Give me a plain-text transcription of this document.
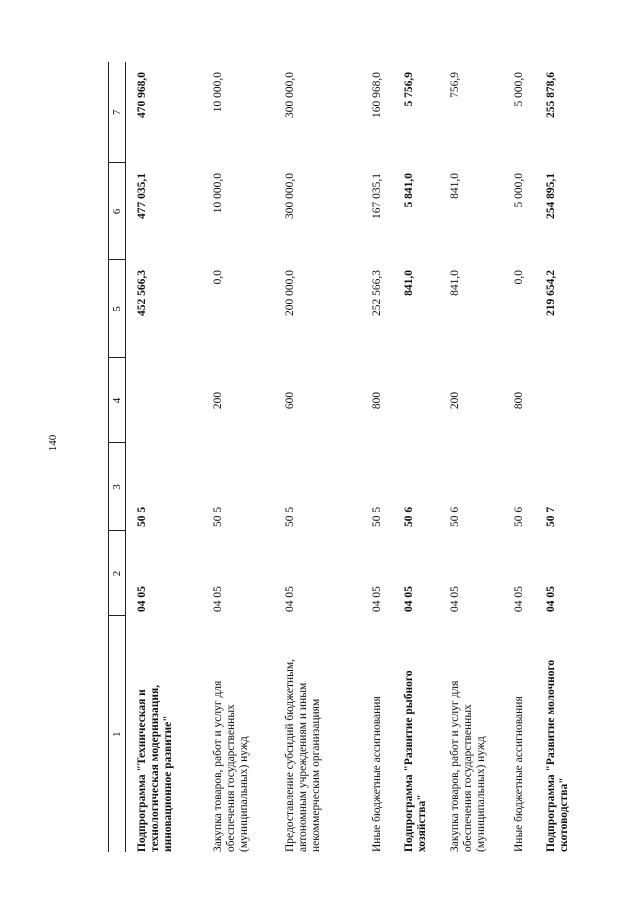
140
1	2	3	4	5	6	7
Подпрограмма "Техническая и технологическая модернизация, инновационное развитие"	04 05	50 5		452 566,3	477 035,1	470 968,0
Закупка товаров, работ и услуг для обеспечения государственных (муниципальных) нужд	04 05	50 5	200	0,0	10 000,0	10 000,0
Предоставление субсидий бюджетным, автономным учреждениям и иным некоммерческим организациям	04 05	50 5	600	200 000,0	300 000,0	300 000,0
Иные бюджетные ассигнования	04 05	50 5	800	252 566,3	167 035,1	160 968,0
Подпрограмма "Развитие рыбного хозяйства"	04 05	50 6		841,0	5 841,0	5 756,9
Закупка товаров, работ и услуг для обеспечения государственных (муниципальных) нужд	04 05	50 6	200	841,0	841,0	756,9
Иные бюджетные ассигнования	04 05	50 6	800	0,0	5 000,0	5 000,0
Подпрограмма "Развитие молочного скотоводства"	04 05	50 7		219 654,2	254 895,1	255 878,6
